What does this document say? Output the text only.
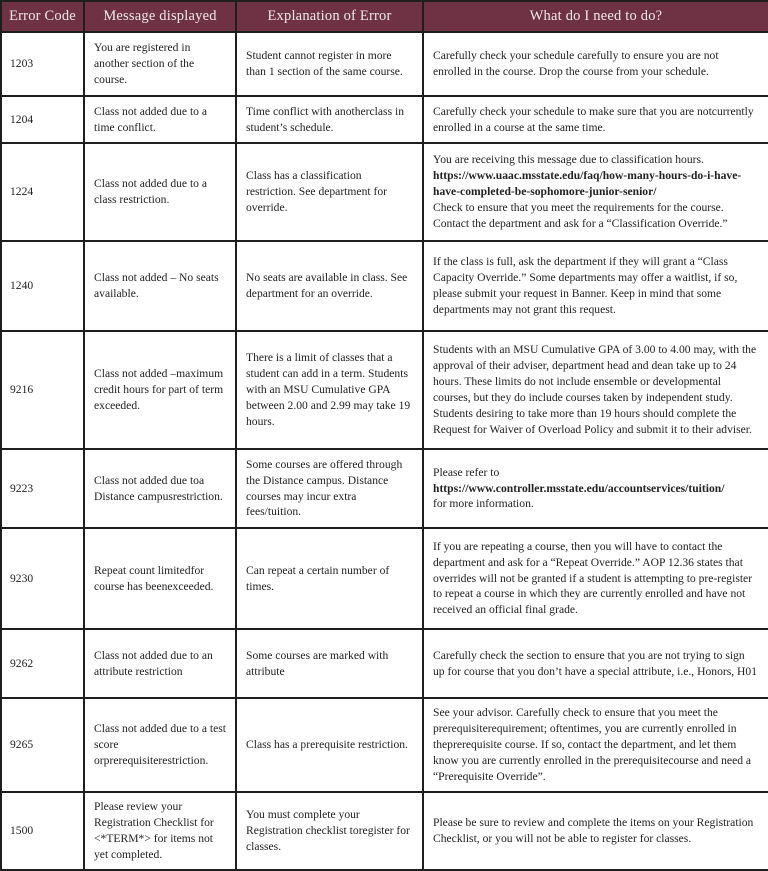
Error Code	Message displayed	Explanation of Error	What do I need to do?
1203	You are registered in another section of the course.	Student cannot register in more than 1 section of the same course.	Carefully check your schedule carefully to ensure you are not enrolled in the course. Drop the course from your schedule.
1204	Class not added due to a time conflict.	Time conflict with anotherclass in student’s schedule.	Carefully check your schedule to make sure that you are notcurrently enrolled in a course at the same time.
1224	Class not added due to a class restriction.	Class has a classification restriction. See department for override.	You are receiving this message due to classification hours.
https://www.uaac.msstate.edu/faq/how-many-hours-do-i-have-have-completed-be-sophomore-junior-senior/
Check to ensure that you meet the requirements for the course. Contact the department and ask for a “Classification Override.”
1240	Class not added – No seats available.	No seats are available in class. See department for an override.	If the class is full, ask the department if they will grant a “Class Capacity Override.” Some departments may offer a waitlist, if so, please submit your request in Banner. Keep in mind that some departments may not grant this request.
9216	Class not added –maximum credit hours for part of term exceeded.	There is a limit of classes that a student can add in a term. Students with an MSU Cumulative GPA between 2.00 and 2.99 may take 19 hours.	Students with an MSU Cumulative GPA of 3.00 to 4.00 may, with the approval of their adviser, department head and dean take up to 24 hours. These limits do not include ensemble or developmental courses, but they do include courses taken by independent study. Students desiring to take more than 19 hours should complete the Request for Waiver of Overload Policy and submit it to their adviser.
9223	Class not added due toa Distance campusrestriction.	Some courses are offered through the Distance campus. Distance courses may incur extra fees/tuition.	Please refer to
https://www.controller.msstate.edu/accountservices/tuition/
for more information.
9230	Repeat count limitedfor course has beenexceeded.	Can repeat a certain number of times.	If you are repeating a course, then you will have to contact the department and ask for a “Repeat Override.” AOP 12.36 states that overrides will not be granted if a student is attempting to pre-register to repeat a course in which they are currently enrolled and have not received an official final grade.
9262	Class not added due to an attribute restriction	Some courses are marked with attribute	Carefully check the section to ensure that you are not trying to sign up for course that you don’t have a special attribute, i.e., Honors, H01
9265	Class not added due to a test score orprerequisiterestriction.	Class has a prerequisite restriction.	See your advisor. Carefully check to ensure that you meet the prerequisiterequirement; oftentimes, you are currently enrolled in theprerequisite course. If so, contact the department, and let them know you are currently enrolled in the prerequisitecourse and need a “Prerequisite Override”.
1500	Please review your Registration Checklist for <*TERM*> for items not yet completed.	You must complete your Registration checklist toregister for classes.	Please be sure to review and complete the items on your Registration Checklist, or you will not be able to register for classes.
